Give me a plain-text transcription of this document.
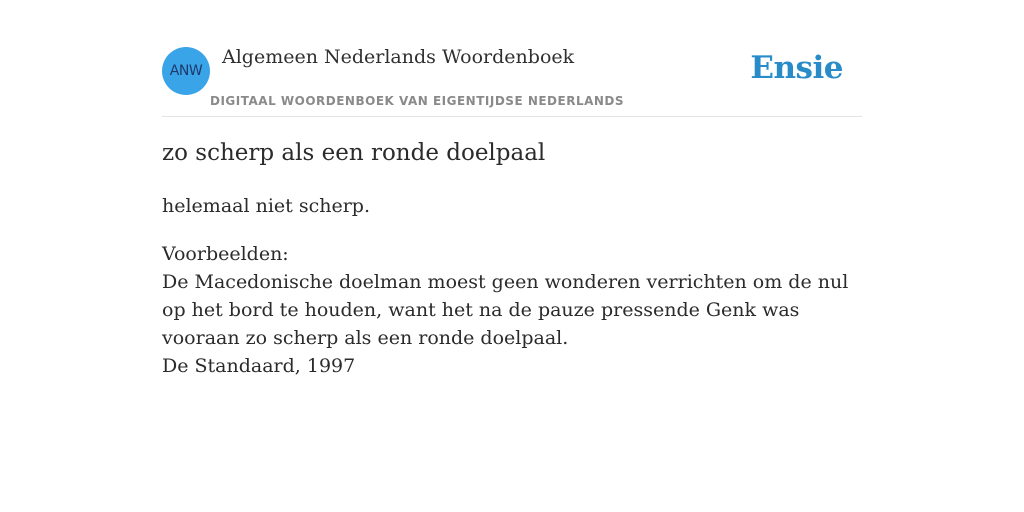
ANW
Algemeen Nederlands Woordenboek
DIGITAAL WOORDENBOEK VAN EIGENTIJDSE NEDERLANDS
Ensie
zo scherp als een ronde doelpaal
helemaal niet scherp.
Voorbeelden:
De Macedonische doelman moest geen wonderen verrichten om de nul op het bord te houden, want het na de pauze pressende Genk was vooraan zo scherp als een ronde doelpaal.
De Standaard, 1997
